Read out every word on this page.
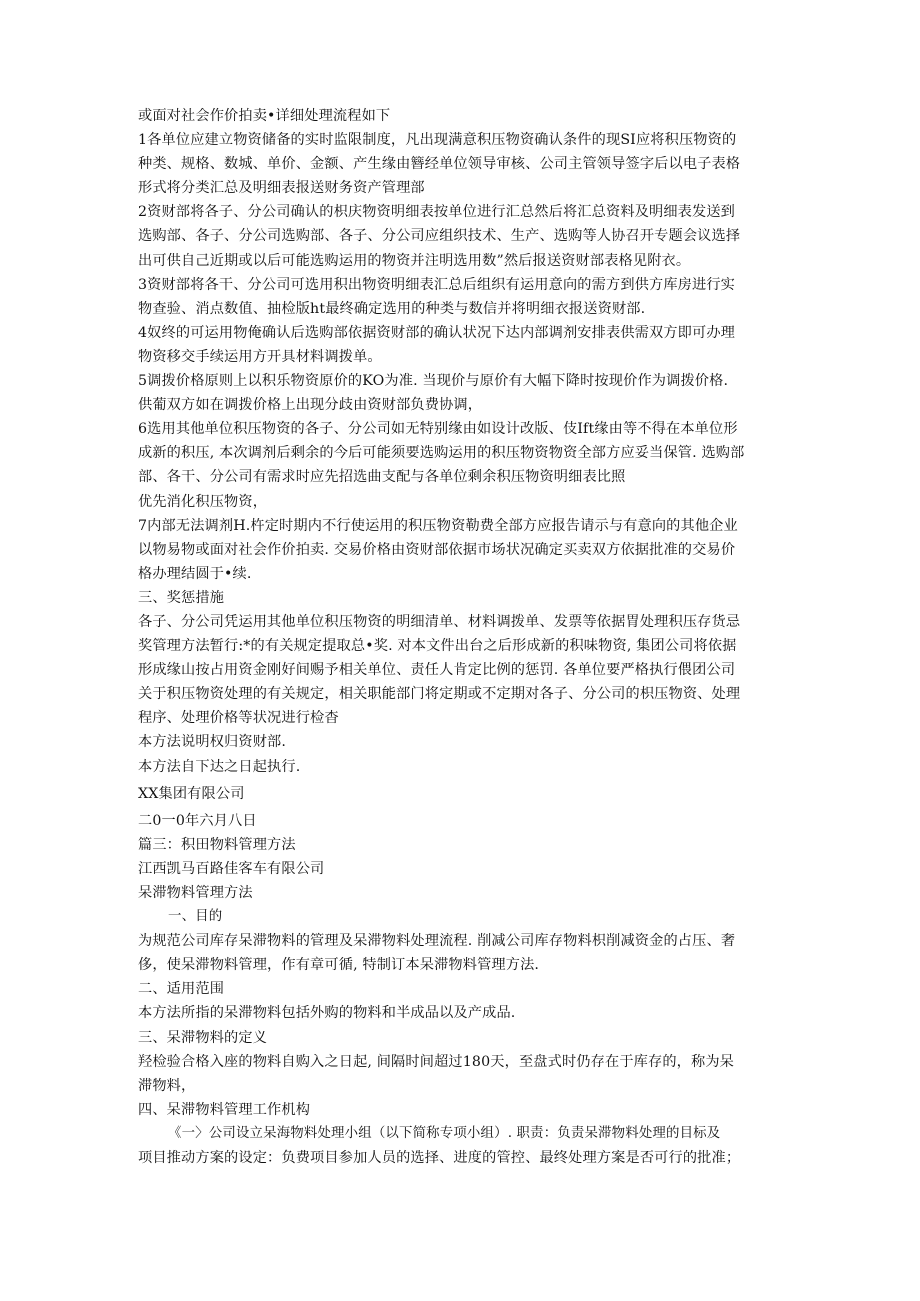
或面对社会作价拍卖•详细处理流程如下

1各单位应建立物资储备的实时监限制度，凡出现满意积压物资确认条件的现SI应将积压物资的

种类、规格、数城、单价、金额、产生缘由簪经单位领导审核、公司主管领导签字后以电子表格

形式将分类汇总及明细表报送财务资产管理部

2资财部将各子、分公司确认的枳庆物资明细表按单位进行汇总然后将汇总资料及明细表发送到

选购部、各子、分公司选购部、各子、分公司应组织技术、生产、选购等人协召开专题会议选择

出可供自己近期或以后可能选购运用的物资并注明选用数”然后报送资财部表格见附衣。

3资财部将各干、分公司可选用积出物资明细表汇总后组织有运用意向的需方到供方库房进行实

物查验、消点数值、抽检版ht最终确定选用的种类与数信并将明细衣报送资财部.

4奴终的可运用物俺确认后选购部依据资财部的确认状况下达内部调剂安排表供需双方即可办理

物资移交手续运用方开具材料调拨单。

5调拨价格原则上以积乐物资原价的KO为准. 当现价与原价有大幅下降时按现价作为调拨价格.

供葡双方如在调拨价格上出现分歧由资财部负费协调，

6选用其他单位积压物资的各子、分公司如无特别缘由如设计改版、伎Ift缘由等不得在本单位形

成新的积压, 本次调剂后剩余的今后可能须要选购运用的积压物资物资全部方应妥当保管. 选购部

部、各干、分公司有需求时应先招选曲支配与各单位剩余积压物资明细表比照

优先消化积压物资，

7内部无法调剂H.杵定时期内不行使运用的积压物资勒费全部方应报告请示与有意向的其他企业

以物易物或面对社会作价拍卖. 交易价格由资财部依据市场状况确定买卖双方依据批准的交易价

格办理结圆于•续.

三、奖惩措施

各子、分公司凭运用其他单位积压物资的明细清单、材料调拨单、发票等依据胃处理积压存货忌

奖管理方法暂行:*的有关规定提取总•奖. 对本文件出台之后形成新的积味物资, 集团公司将依据

形成缘山按占用资金刚好间赐予相关单位、责任人肯定比例的惩罚. 各单位要严格执行偎团公司

关于积压物资处理的有关规定，相关职能部门将定期或不定期对各子、分公司的枳压物资、处理

程序、处理价格等状况进行检杳

本方法说明权归资财部.

本方法自下达之日起执行.

XX集团有限公司

二0一0年六月八日

篇三：积田物料管理方法

江西凯马百路佳客车有限公司

呆滞物料管理方法

一、目的

为规范公司库存呆滞物料的管理及呆滞物料处理流程. 削减公司库存物料枳削减资金的占压、奢

侈，使呆滞物料管理，作有章可循, 特制订本呆滞物料管理方法.

二、适用范围

本方法所指的呆滞物料包括外购的物料和半成品以及产成品.

三、呆滞物料的定义

羟检验合格入座的物料自购入之日起, 间隔时间超过180天，至盘式时仍存在于库存的，称为呆

滞物料，

四、呆滞物料管理工作机构

《一〉公司设立呆海物料处理小组（以下简称专项小组）. 职责：负责呆滞物料处理的目标及

项目推动方案的设定：负费项目参加人员的选择、进度的管控、最终处理方案是否可行的批准；
